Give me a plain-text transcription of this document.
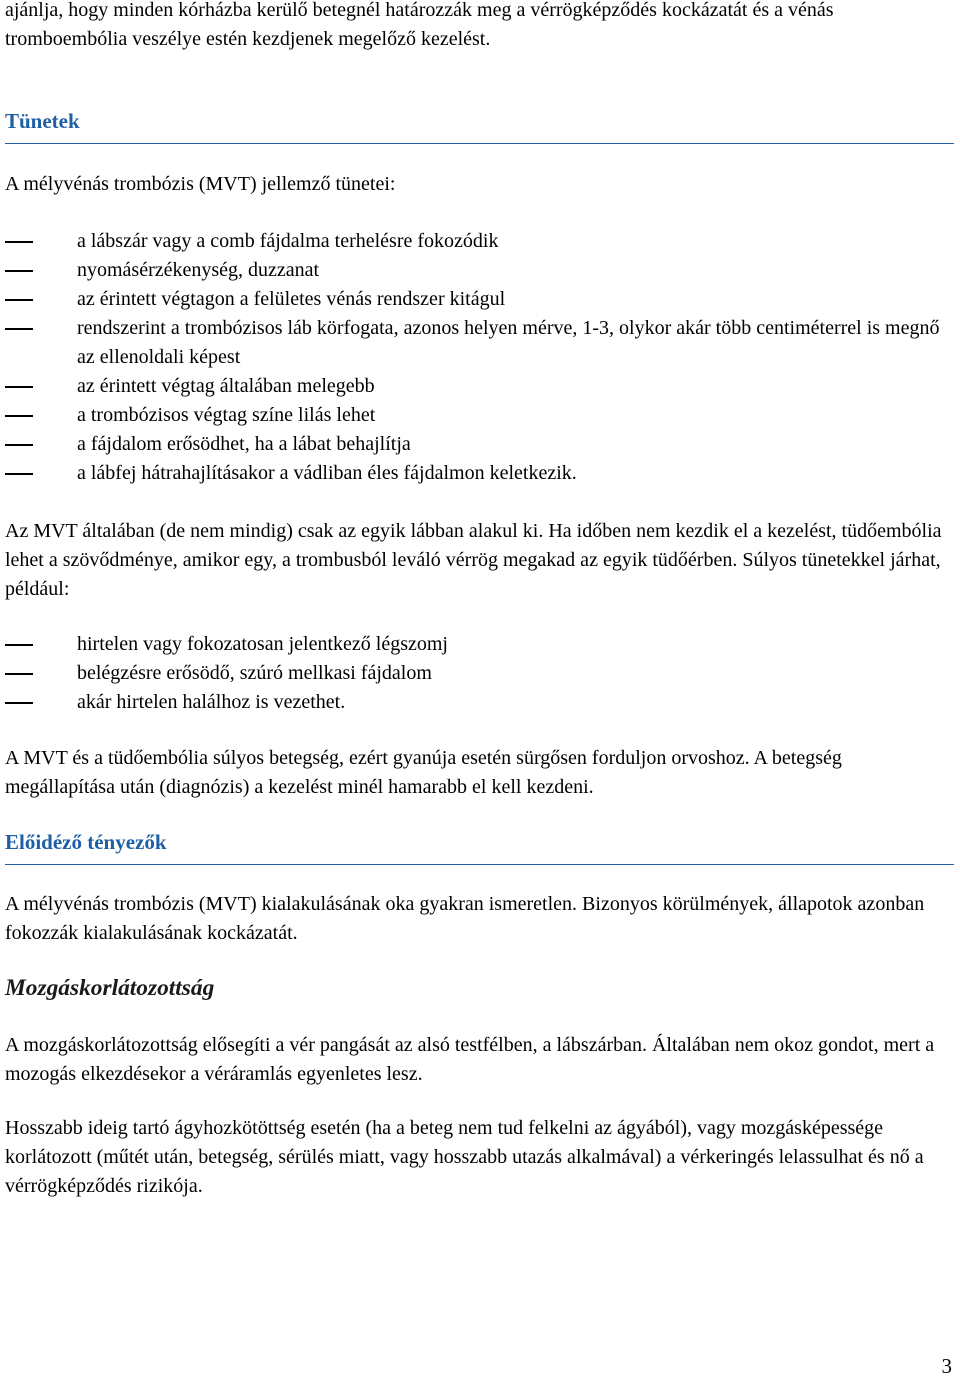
ajánlja, hogy minden kórházba kerülő betegnél határozzák meg a vérrögképződés kockázatát és a vénás tromboembólia veszélye estén kezdjenek megelőző kezelést.

Tünetek

A mélyvénás trombózis (MVT) jellemző tünetei:

a lábszár vagy a comb fájdalma terhelésre fokozódik
nyomásérzékenység, duzzanat
az érintett végtagon a felületes vénás rendszer kitágul
rendszerint a trombózisos láb körfogata, azonos helyen mérve, 1-3, olykor akár több centiméterrel is megnő az ellenoldali képest
az érintett végtag általában melegebb
a trombózisos végtag színe lilás lehet
a fájdalom erősödhet, ha a lábat behajlítja
a lábfej hátrahajlításakor a vádliban éles fájdalmon keletkezik.

Az MVT általában (de nem mindig) csak az egyik lábban alakul ki. Ha időben nem kezdik el a kezelést, tüdőembólia lehet a szövődménye, amikor egy, a trombusból leváló vérrög megakad az egyik tüdőérben. Súlyos tünetekkel járhat, például:

hirtelen vagy fokozatosan jelentkező légszomj
belégzésre erősödő, szúró mellkasi fájdalom
akár hirtelen halálhoz is vezethet.

A MVT és a tüdőembólia súlyos betegség, ezért gyanúja esetén sürgősen forduljon orvoshoz. A betegség megállapítása után (diagnózis) a kezelést minél hamarabb el kell kezdeni.

Előidéző tényezők

A mélyvénás trombózis (MVT) kialakulásának oka gyakran ismeretlen. Bizonyos körülmények, állapotok azonban fokozzák kialakulásának kockázatát.

Mozgáskorlátozottság

A mozgáskorlátozottság elősegíti a vér pangását az alsó testfélben, a lábszárban. Általában nem okoz gondot, mert a mozogás elkezdésekor a véráramlás egyenletes lesz.

Hosszabb ideig tartó ágyhozkötöttség esetén (ha a beteg nem tud felkelni az ágyából), vagy mozgásképessége korlátozott (műtét után, betegség, sérülés miatt, vagy hosszabb utazás alkalmával) a vérkeringés lelassulhat és nő a vérrögképződés rizikója.

3
